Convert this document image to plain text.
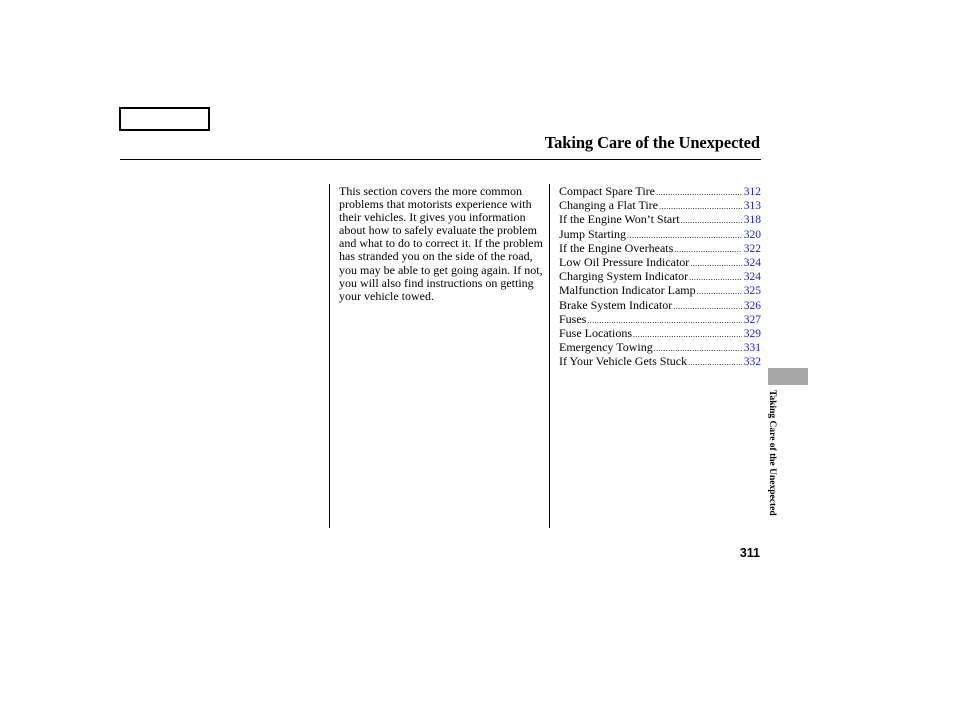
Taking Care of the Unexpected

This section covers the more common problems that motorists experience with their vehicles. It gives you information about how to safely evaluate the problem and what to do to correct it. If the problem has stranded you on the side of the road, you may be able to get going again. If not, you will also find instructions on getting your vehicle towed.

Compact Spare Tire .....	312
Changing a Flat Tire .....	313
If the Engine Won’t Start .....	318
Jump Starting .....	320
If the Engine Overheats .....	322
Low Oil Pressure Indicator .....	324
Charging System Indicator .....	324
Malfunction Indicator Lamp .....	325
Brake System Indicator .....	326
Fuses .....	327
Fuse Locations .....	329
Emergency Towing .....	331
If Your Vehicle Gets Stuck .....	332
Taking Care of the Unexpected
311
